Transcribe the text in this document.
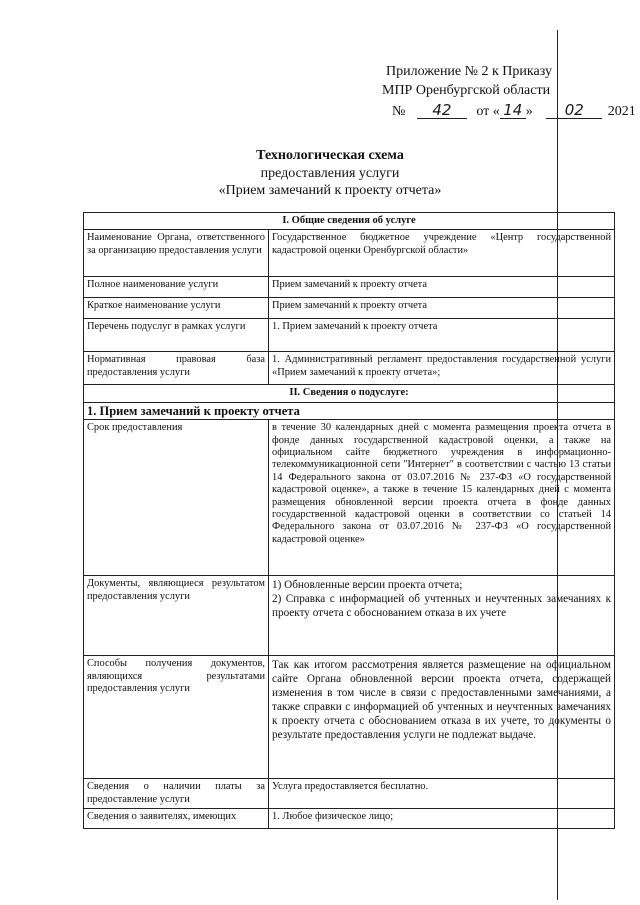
Приложение № 2 к Приказу
МПР Оренбургской области
№ 42 от « 14 » 02 2021
Технологическая схема
предоставления услуги
«Прием замечаний к проекту отчета»
I. Общие сведения об услуге	
Наименование Органа, ответственного за организацию предоставления услуги	Государственное бюджетное учреждение «Центр государственной кадастровой оценки Оренбургской области»
Полное наименование услуги	Прием замечаний к проекту отчета
Краткое наименование услуги	Прием замечаний к проекту отчета
Перечень подуслуг в рамках услуги	1. Прием замечаний к проекту отчета
Нормативная правовая база предоставления услуги	1. Административный регламент предоставления государственной услуги «Прием замечаний к проекту отчета»;
II. Сведения о подуслуге:	
1. Прием замечаний к проекту отчета	
Срок предоставления	в течение 30 календарных дней с момента размещения проекта отчета в фонде данных государственной кадастровой оценки, а также на официальном сайте бюджетного учреждения в информационно-телекоммуникационной сети "Интернет" в соответствии с частью 13 статьи 14 Федерального закона от 03.07.2016 № 237-ФЗ «О государственной кадастровой оценке», а также в течение 15 календарных дней с момента размещения обновленной версии проекта отчета в фонде данных государственной кадастровой оценки в соответствии со статьей 14 Федерального закона от 03.07.2016 № 237-ФЗ «О государственной кадастровой оценке»
Документы, являющиеся результатом предоставления услуги	1) Обновленные версии проекта отчета;
2) Справка с информацией об учтенных и неучтенных замечаниях к проекту отчета с обоснованием отказа в их учете

Способы получения документов, являющихся результатами предоставления услуги	Так как итогом рассмотрения является размещение на официальном сайте Органа обновленной версии проекта отчета, содержащей изменения в том числе в связи с предоставленными замечаниями, а также справки с информацией об учтенных и неучтенных замечаниях к проекту отчета с обоснованием отказа в их учете, то документы о результате предоставления услуги не подлежат выдаче.
Сведения о наличии платы за предоставление услуги	Услуга предоставляется бесплатно.
Сведения о заявителях, имеющих	1. Любое физическое лицо;
